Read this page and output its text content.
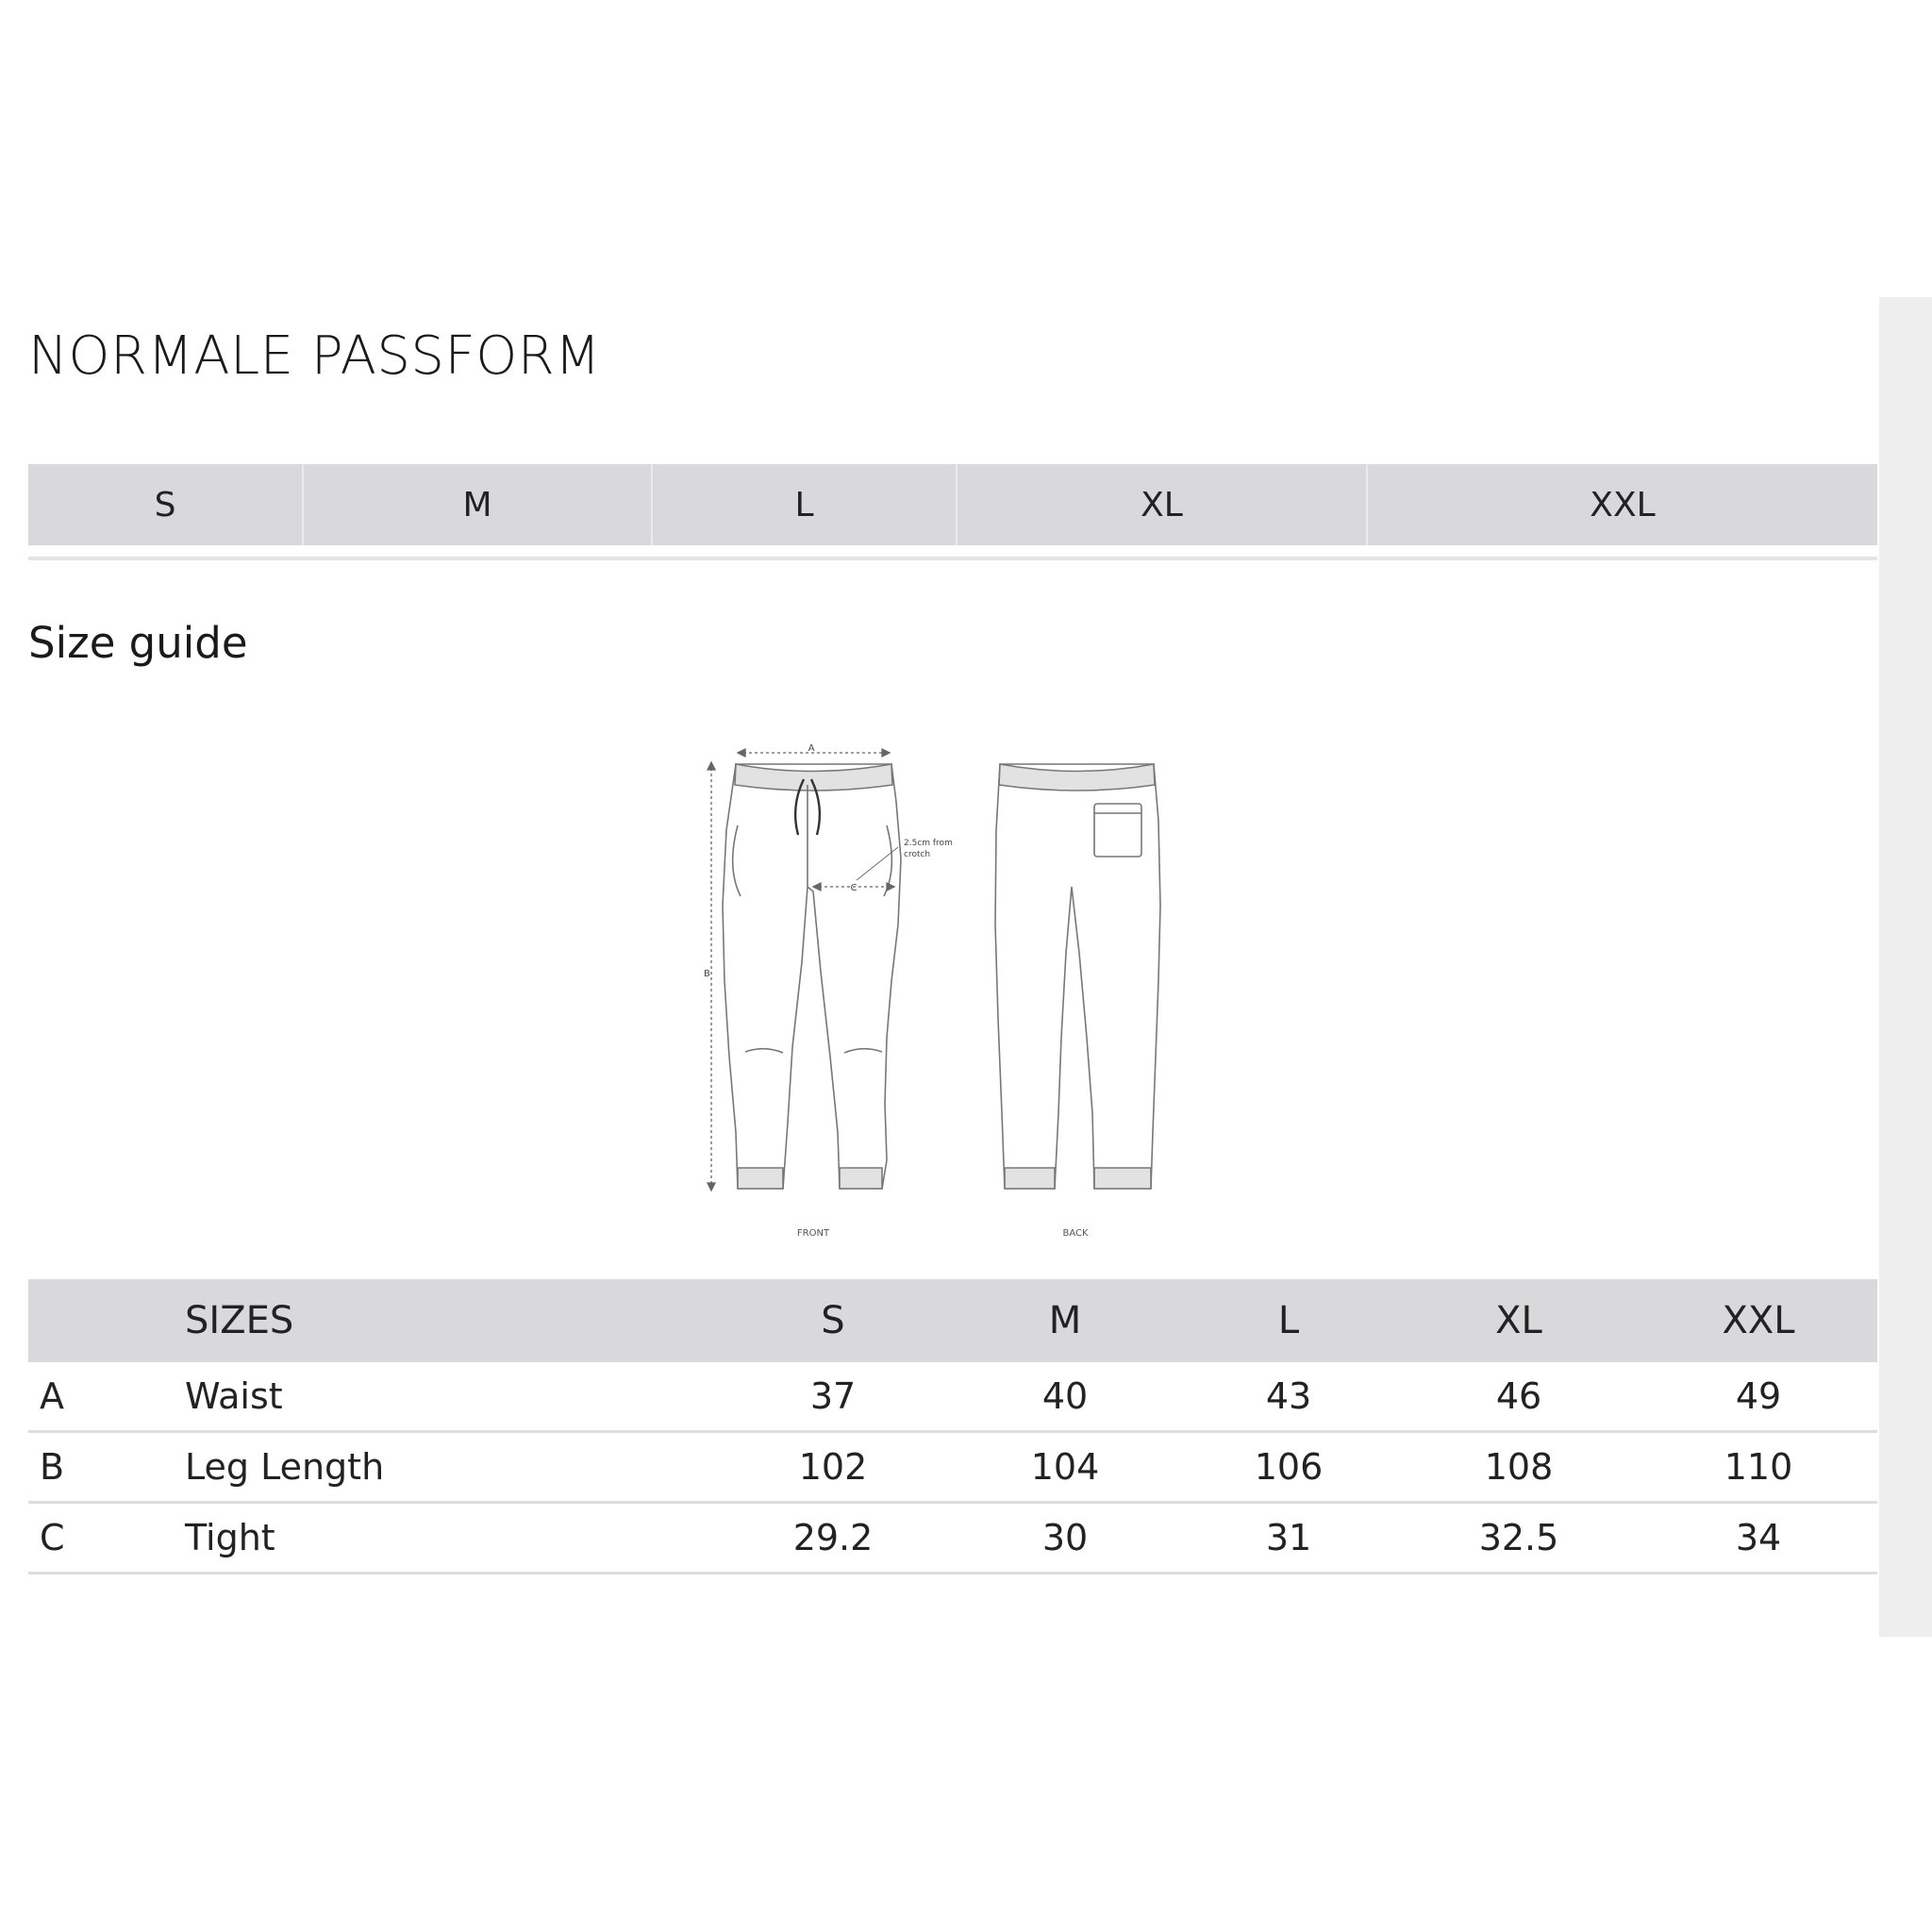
NORMALE PASSFORM
S	M	L	XL	XXL
Size guide
A
B
C
2.5cm from
crotch
FRONT	BACK
	SIZES	S	M	L	XL	XXL
A	Waist	37	40	43	46	49
B	Leg Length	102	104	106	108	110
C	Tight	29.2	30	31	32.5	34
